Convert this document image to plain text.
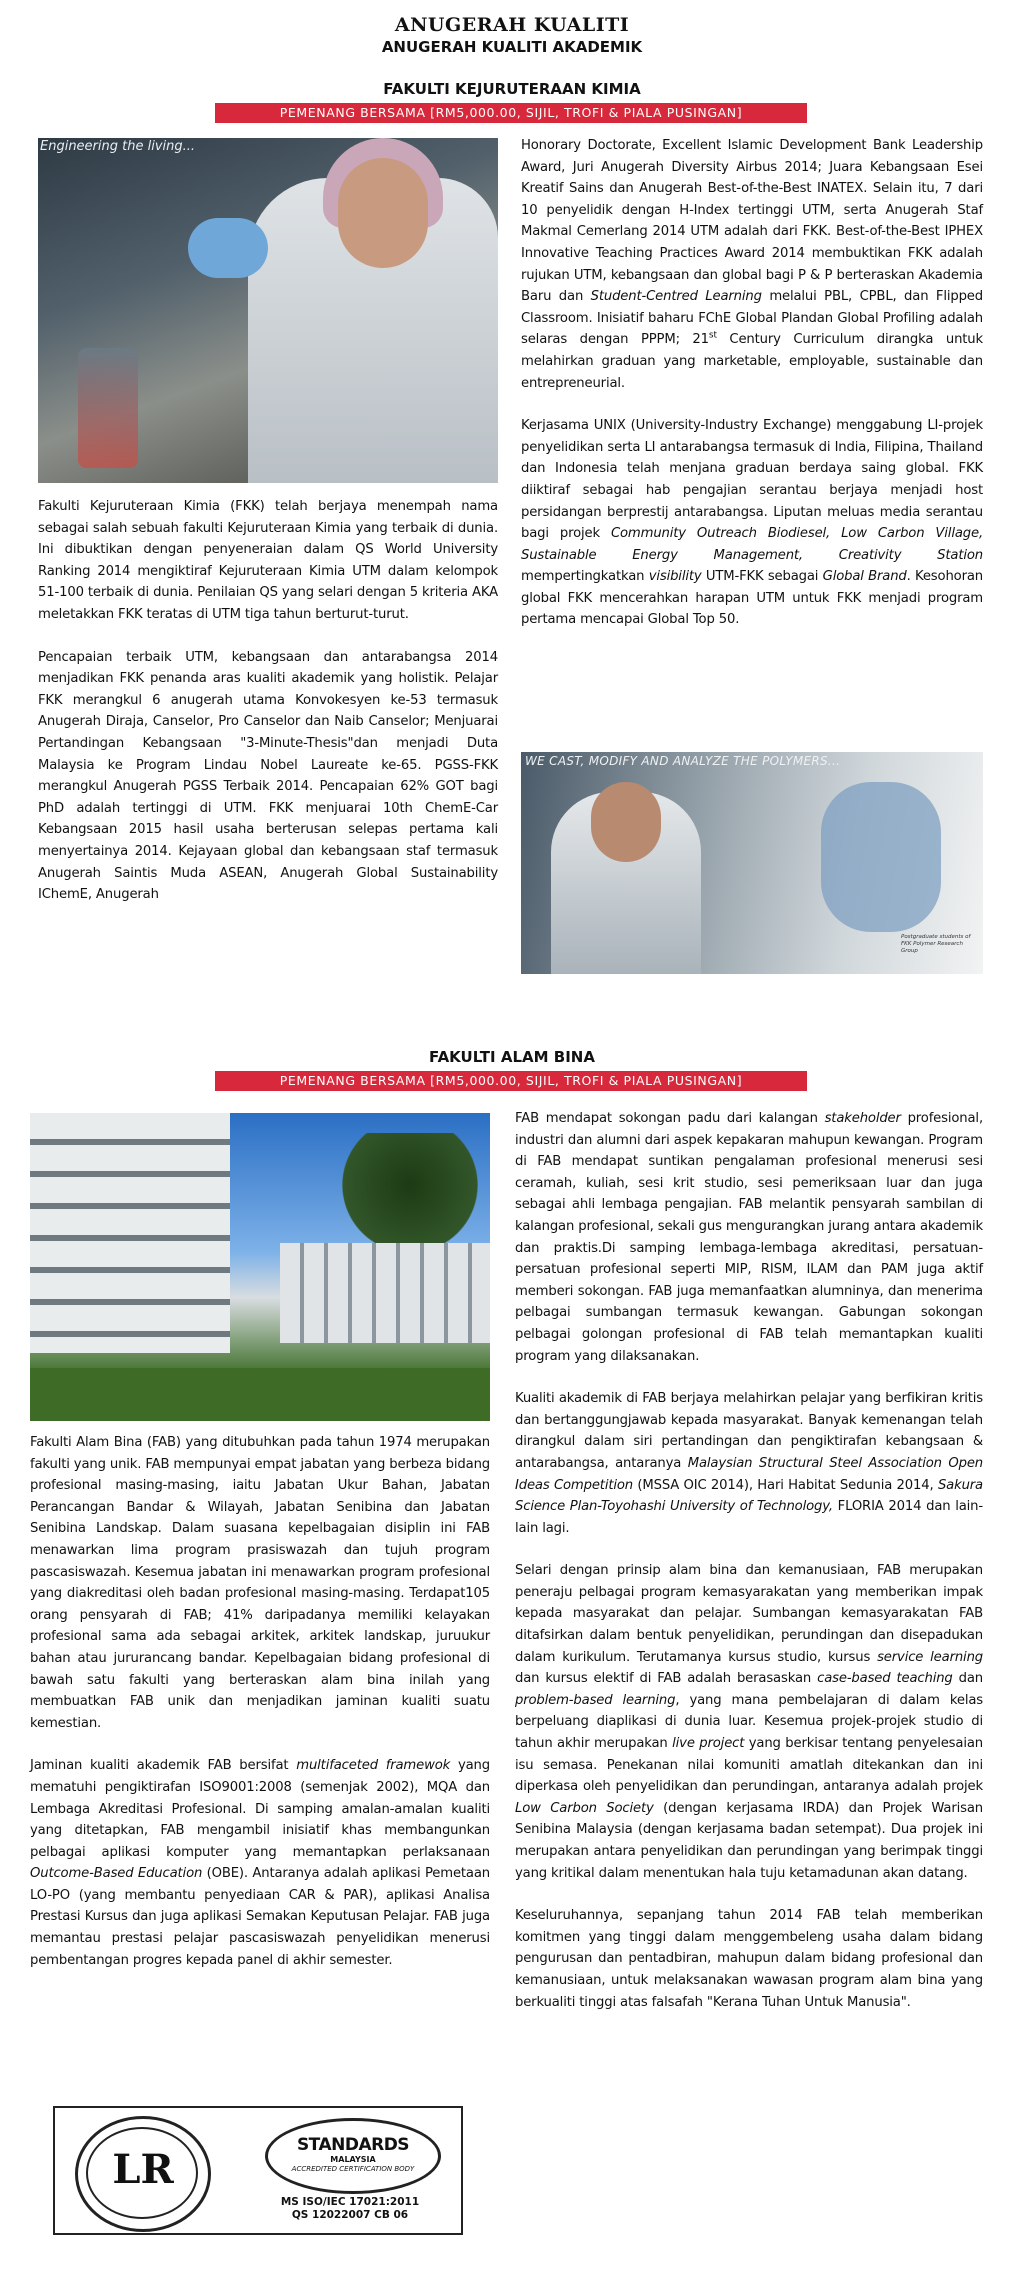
ANUGERAH KUALITI
ANUGERAH KUALITI AKADEMIK
FAKULTI KEJURUTERAAN KIMIA
PEMENANG BERSAMA [RM5,000.00, SIJIL, TROFI & PIALA PUSINGAN]
Engineering the living...

Fakulti Kejuruteraan Kimia (FKK) telah berjaya menempah nama sebagai salah sebuah fakulti Kejuruteraan Kimia yang terbaik di dunia. Ini dibuktikan dengan penyeneraian dalam QS World University Ranking 2014 mengiktiraf Kejuruteraan Kimia UTM dalam kelompok 51-100 terbaik di dunia. Penilaian QS yang selari dengan 5 kriteria AKA meletakkan FKK teratas di UTM tiga tahun berturut-turut.

Pencapaian terbaik UTM, kebangsaan dan antarabangsa 2014 menjadikan FKK penanda aras kualiti akademik yang holistik. Pelajar FKK merangkul 6 anugerah utama Konvokesyen ke-53 termasuk Anugerah Diraja, Canselor, Pro Canselor dan Naib Canselor; Menjuarai Pertandingan Kebangsaan "3-Minute-Thesis"dan menjadi Duta Malaysia ke Program Lindau Nobel Laureate ke-65. PGSS-FKK merangkul Anugerah PGSS Terbaik 2014. Pencapaian 62% GOT bagi PhD adalah tertinggi di UTM. FKK menjuarai 10th ChemE-Car Kebangsaan 2015 hasil usaha berterusan selepas pertama kali menyertainya 2014. Kejayaan global dan kebangsaan staf termasuk Anugerah Saintis Muda ASEAN, Anugerah Global Sustainability IChemE, Anugerah

Honorary Doctorate, Excellent Islamic Development Bank Leadership Award, Juri Anugerah Diversity Airbus 2014; Juara Kebangsaan Esei Kreatif Sains dan Anugerah Best-of-the-Best INATEX. Selain itu, 7 dari 10 penyelidik dengan H-Index tertinggi UTM, serta Anugerah Staf Makmal Cemerlang 2014 UTM adalah dari FKK. Best-of-the-Best IPHEX Innovative Teaching Practices Award 2014 membuktikan FKK adalah rujukan UTM, kebangsaan dan global bagi P & P berteraskan Akademia Baru dan Student-Centred Learning melalui PBL, CPBL, dan Flipped Classroom. Inisiatif baharu FChE Global Plandan Global Profiling adalah selaras dengan PPPM; 21st Century Curriculum dirangka untuk melahirkan graduan yang marketable, employable, sustainable dan entrepreneurial.

Kerjasama UNIX (University-Industry Exchange) menggabung LI-projek penyelidikan serta LI antarabangsa termasuk di India, Filipina, Thailand dan Indonesia telah menjana graduan berdaya saing global. FKK diiktiraf sebagai hab pengajian serantau berjaya menjadi host persidangan berprestij antarabangsa. Liputan meluas media serantau bagi projek Community Outreach Biodiesel, Low Carbon Village, Sustainable Energy Management, Creativity Station mempertingkatkan visibility UTM-FKK sebagai Global Brand. Kesohoran global FKK mencerahkan harapan UTM untuk FKK menjadi program pertama mencapai Global Top 50.

Postgraduate students of FKK Polymer Research Group
WE CAST, MODIFY AND ANALYZE THE POLYMERS...
FAKULTI ALAM BINA
PEMENANG BERSAMA [RM5,000.00, SIJIL, TROFI & PIALA PUSINGAN]

Fakulti Alam Bina (FAB) yang ditubuhkan pada tahun 1974 merupakan fakulti yang unik. FAB mempunyai empat jabatan yang berbeza bidang profesional masing-masing, iaitu Jabatan Ukur Bahan, Jabatan Perancangan Bandar & Wilayah, Jabatan Senibina dan Jabatan Senibina Landskap. Dalam suasana kepelbagaian disiplin ini FAB menawarkan lima program prasiswazah dan tujuh program pascasiswazah. Kesemua jabatan ini menawarkan program profesional yang diakreditasi oleh badan profesional masing-masing. Terdapat105 orang pensyarah di FAB; 41% daripadanya memiliki kelayakan profesional sama ada sebagai arkitek, arkitek landskap, juruukur bahan atau jururancang bandar. Kepelbagaian bidang profesional di bawah satu fakulti yang berteraskan alam bina inilah yang membuatkan FAB unik dan menjadikan jaminan kualiti suatu kemestian.

Jaminan kualiti akademik FAB bersifat multifaceted framewok yang mematuhi pengiktirafan ISO9001:2008 (semenjak 2002), MQA dan Lembaga Akreditasi Profesional. Di samping amalan-amalan kualiti yang ditetapkan, FAB mengambil inisiatif khas membangunkan pelbagai aplikasi komputer yang memantapkan perlaksanaan Outcome-Based Education (OBE). Antaranya adalah aplikasi Pemetaan LO-PO (yang membantu penyediaan CAR & PAR), aplikasi Analisa Prestasi Kursus dan juga aplikasi Semakan Keputusan Pelajar. FAB juga memantau prestasi pelajar pascasiswazah penyelidikan menerusi pembentangan progres kepada panel di akhir semester.

FAB mendapat sokongan padu dari kalangan stakeholder profesional, industri dan alumni dari aspek kepakaran mahupun kewangan. Program di FAB mendapat suntikan pengalaman profesional menerusi sesi ceramah, kuliah, sesi krit studio, sesi pemeriksaan luar dan juga sebagai ahli lembaga pengajian. FAB melantik pensyarah sambilan di kalangan profesional, sekali gus mengurangkan jurang antara akademik dan praktis.Di samping lembaga-lembaga akreditasi, persatuan-persatuan profesional seperti MIP, RISM, ILAM dan PAM juga aktif memberi sokongan. FAB juga memanfaatkan alumninya, dan menerima pelbagai sumbangan termasuk kewangan. Gabungan sokongan pelbagai golongan profesional di FAB telah memantapkan kualiti program yang dilaksanakan.

Kualiti akademik di FAB berjaya melahirkan pelajar yang berfikiran kritis dan bertanggungjawab kepada masyarakat. Banyak kemenangan telah dirangkul dalam siri pertandingan dan pengiktirafan kebangsaan & antarabangsa, antaranya Malaysian Structural Steel Association Open Ideas Competition (MSSA OIC 2014), Hari Habitat Sedunia 2014, Sakura Science Plan-Toyohashi University of Technology, FLORIA 2014 dan lain-lain lagi.

Selari dengan prinsip alam bina dan kemanusiaan, FAB merupakan peneraju pelbagai program kemasyarakatan yang memberikan impak kepada masyarakat dan pelajar. Sumbangan kemasyarakatan FAB ditafsirkan dalam bentuk penyelidikan, perundingan dan disepadukan dalam kurikulum. Terutamanya kursus studio, kursus service learning dan kursus elektif di FAB adalah berasaskan case-based teaching dan problem-based learning, yang mana pembelajaran di dalam kelas berpeluang diaplikasi di dunia luar. Kesemua projek-projek studio di tahun akhir merupakan live project yang berkisar tentang penyelesaian isu semasa. Penekanan nilai komuniti amatlah ditekankan dan ini diperkasa oleh penyelidikan dan perundingan, antaranya adalah projek Low Carbon Society (dengan kerjasama IRDA) dan Projek Warisan Senibina Malaysia (dengan kerjasama badan setempat). Dua projek ini merupakan antara penyelidikan dan perundingan yang berimpak tinggi yang kritikal dalam menentukan hala tuju ketamadunan akan datang.

Keseluruhannya, sepanjang tahun 2014 FAB telah memberikan komitmen yang tinggi dalam menggembeleng usaha dalam bidang pengurusan dan pentadbiran, mahupun dalam bidang profesional dan kemanusiaan, untuk melaksanakan wawasan program alam bina yang berkualiti tinggi atas falsafah "Kerana Tuhan Untuk Manusia".

LR
STANDARDS
MALAYSIA
ACCREDITED CERTIFICATION BODY
MS ISO/IEC 17021:2011
QS 12022007 CB 06
